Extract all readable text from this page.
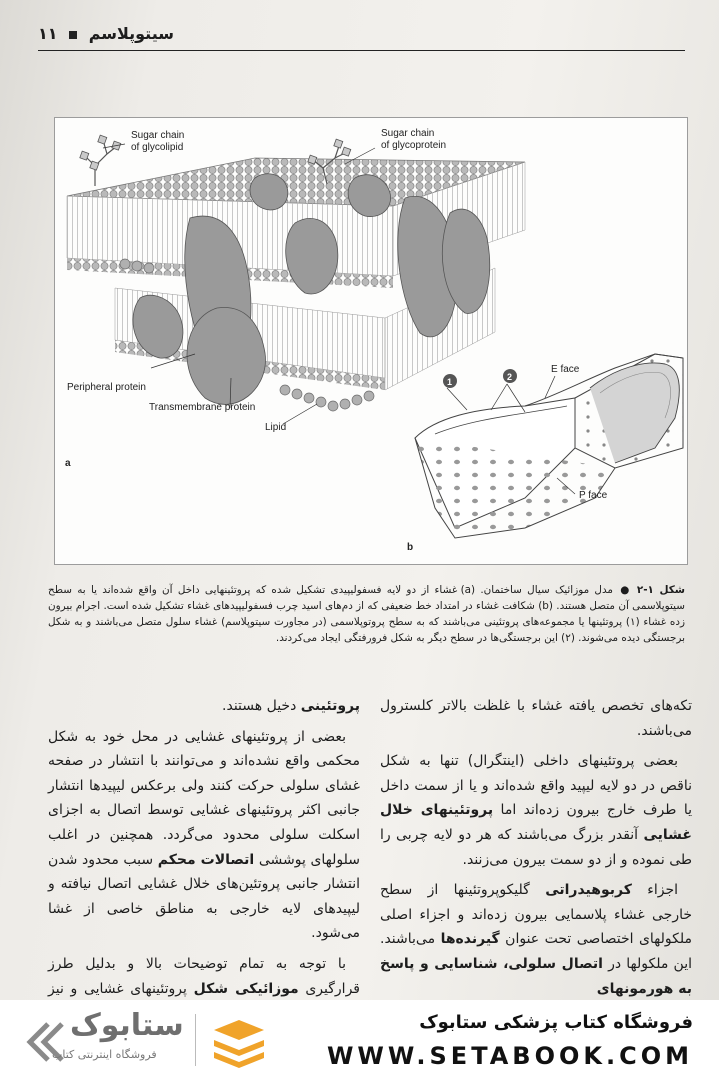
سیتوپلاسم  ۱۱
Sugar chain
of glycolipid
Sugar chain
of glycoprotein
Peripheral protein
Transmembrane protein
Lipid
a
1	2
E face
P face
b
شکل ۱-۲ ● مدل موزائیک سیال ساختمان. (a) غشاء از دو لایه فسفولیپیدی تشکیل شده که پروتئینهایی داخل آن واقع شده‌اند یا به سطح سیتوپلاسمی آن متصل هستند. (b) شکافت غشاء در امتداد خط ضعیفی که از دم‌های اسید چرب فسفولیپیدهای غشاء تشکیل شده است. اجرام بیرون زده غشاء (۱) پروتئینها یا مجموعه‌های پروتئینی می‌باشند که به سطح پروتوپلاسمی (در مجاورت سیتوپلاسم) غشاء سلول متصل می‌باشند و به شکل برجستگی دیده می‌شوند. (۲) این برجستگی‌ها در سطح دیگر به شکل فرورفتگی ایجاد می‌کردند.

تکه‌های تخصص یافته غشاء با غلظت بالاتر کلسترول می‌باشند.

بعضی پروتئینهای داخلی (اینتگرال) تنها به شکل ناقص در دو لایه لیپید واقع شده‌اند و یا از سمت داخل یا طرف خارج بیرون زده‌اند اما پروتئینهای خلال غشایی آنقدر بزرگ می‌باشند که هر دو لایه چربی را طی نموده و از دو سمت بیرون می‌زنند.

اجزاء کربوهیدراتی گلیکوپروتئینها از سطح خارجی غشاء پلاسمایی بیرون زده‌اند و اجزاء اصلی ملکولهای اختصاصی تحت عنوان گیرنده‌ها می‌باشند. این ملکولها در اتصال سلولی، شناسایی و پاسخ به هورمونهای

پروتئینی دخیل هستند.

بعضی از پروتئینهای غشایی در محل خود به شکل محکمی واقع نشده‌اند و می‌توانند با انتشار در صفحه غشای سلولی حرکت کنند ولی برعکس لیپیدها انتشار جانبی اکثر پروتئینهای غشایی توسط اتصال به اجزای اسکلت سلولی محدود می‌گردد. همچنین در اغلب سلولهای پوششی اتصالات محکم سبب محدود شدن انتشار جانبی پروتئین‌های خلال غشایی اتصال نیافته و لیپیدهای لایه خارجی به مناطق خاصی از غشا می‌شود.

با توجه به تمام توضیحات بالا و بدلیل طرز قرارگیری موزائیکی شکل پروتئینهای غشایی و نیز

ستابوک
فروشگاه اینترنتی کتاب
فروشگاه کتاب پزشکی ستابوک
WWW.SETABOOK.COM
